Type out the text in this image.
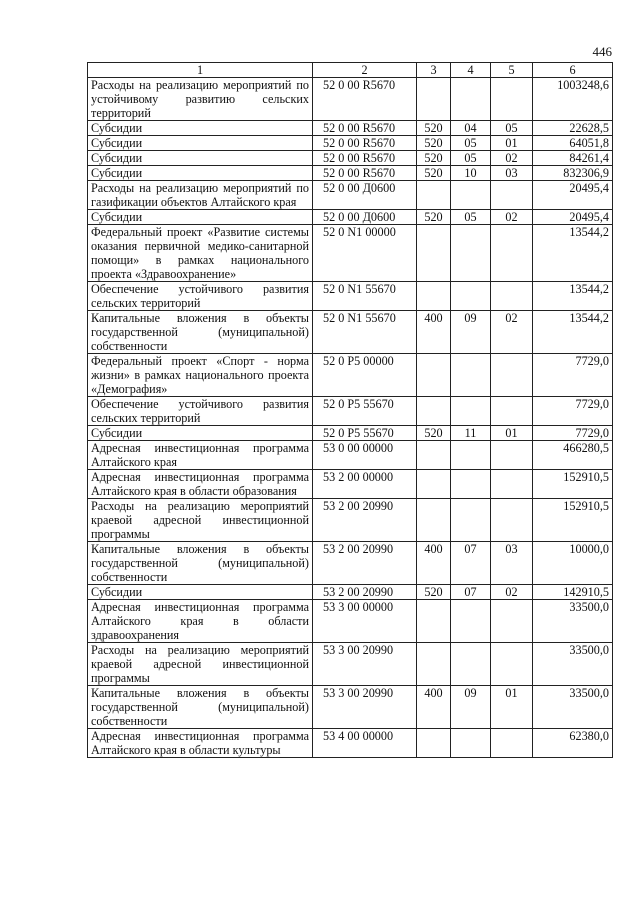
446
1	2	3	4	5	6
Расходы на реализацию мероприятий по устойчивому развитию сельских территорий	52 0 00 R5670				1003248,6
Субсидии	52 0 00 R5670	520	04	05	22628,5
Субсидии	52 0 00 R5670	520	05	01	64051,8
Субсидии	52 0 00 R5670	520	05	02	84261,4
Субсидии	52 0 00 R5670	520	10	03	832306,9
Расходы на реализацию мероприятий по газификации объектов Алтайского края	52 0 00 Д0600				20495,4
Субсидии	52 0 00 Д0600	520	05	02	20495,4
Федеральный проект «Развитие системы оказания первичной медико-санитарной помощи» в рамках национального проекта «Здравоохранение»	52 0 N1 00000				13544,2
Обеспечение устойчивого развития сельских территорий	52 0 N1 55670				13544,2
Капитальные вложения в объекты государственной (муниципальной) собственности	52 0 N1 55670	400	09	02	13544,2
Федеральный проект «Спорт - норма жизни» в рамках национального проекта «Демография»	52 0 P5 00000				7729,0
Обеспечение устойчивого развития сельских территорий	52 0 P5 55670				7729,0
Субсидии	52 0 P5 55670	520	11	01	7729,0
Адресная инвестиционная программа Алтайского края	53 0 00 00000				466280,5
Адресная инвестиционная программа Алтайского края в области образования	53 2 00 00000				152910,5
Расходы на реализацию мероприятий краевой адресной инвестиционной программы	53 2 00 20990				152910,5
Капитальные вложения в объекты государственной (муниципальной) собственности	53 2 00 20990	400	07	03	10000,0
Субсидии	53 2 00 20990	520	07	02	142910,5
Адресная инвестиционная программа Алтайского края в области здравоохранения	53 3 00 00000				33500,0
Расходы на реализацию мероприятий краевой адресной инвестиционной программы	53 3 00 20990				33500,0
Капитальные вложения в объекты государственной (муниципальной) собственности	53 3 00 20990	400	09	01	33500,0
Адресная инвестиционная программа Алтайского края в области культуры	53 4 00 00000				62380,0
